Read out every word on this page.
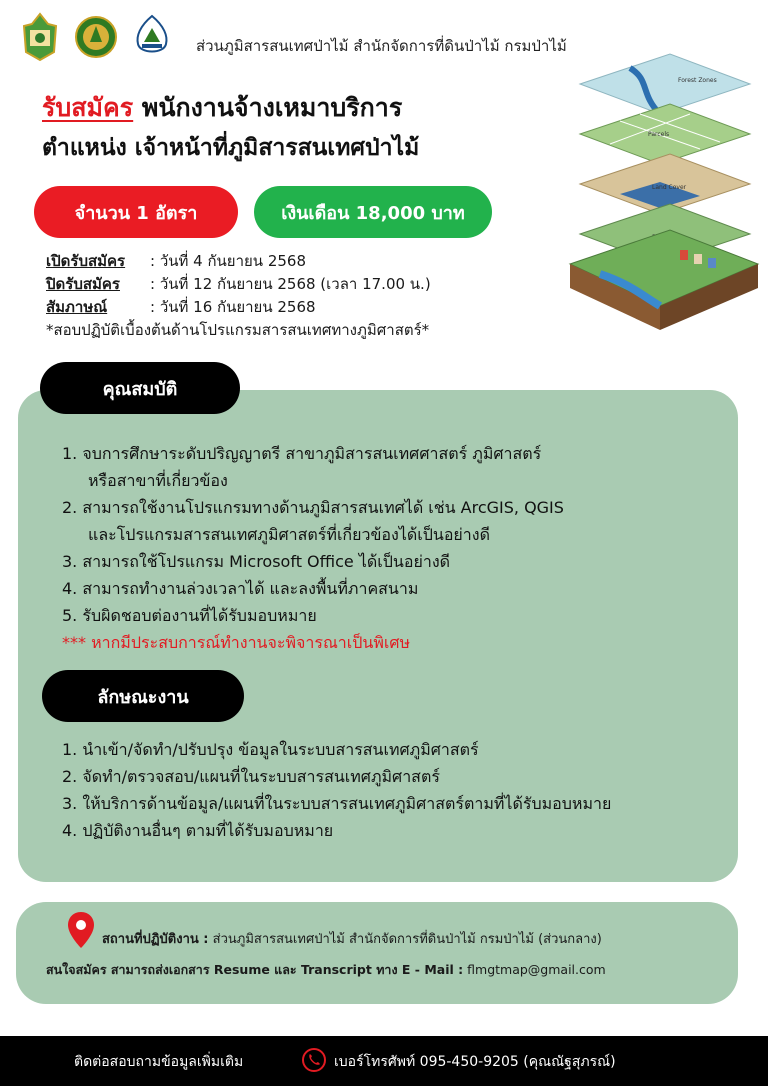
ส่วนภูมิสารสนเทศป่าไม้ สำนักจัดการที่ดินป่าไม้ กรมป่าไม้
รับสมัคร พนักงานจ้างเหมาบริการ
ตำแหน่ง เจ้าหน้าที่ภูมิสารสนเทศป่าไม้
Forest Zones
Parcels
Land Cover
จำนวน 1 อัตรา	เงินเดือน 18,000 บาท
เปิดรับสมัคร : วันที่ 4 กันยายน 2568
ปิดรับสมัคร : วันที่ 12 กันยายน 2568 (เวลา 17.00 น.)
สัมภาษณ์	: วันที่ 16 กันยายน 2568
*สอบปฏิบัติเบื้องต้นด้านโปรแกรมสารสนเทศทางภูมิศาสตร์*
คุณสมบัติ
1. จบการศึกษาระดับปริญญาตรี สาขาภูมิสารสนเทศศาสตร์ ภูมิศาสตร์
หรือสาขาที่เกี่ยวข้อง
2. สามารถใช้งานโปรแกรมทางด้านภูมิสารสนเทศได้ เช่น ArcGIS, QGIS
และโปรแกรมสารสนเทศภูมิศาสตร์ที่เกี่ยวข้องได้เป็นอย่างดี
3. สามารถใช้โปรแกรม Microsoft Office ได้เป็นอย่างดี
4. สามารถทำงานล่วงเวลาได้ และลงพื้นที่ภาคสนาม
5. รับผิดชอบต่องานที่ได้รับมอบหมาย
*** หากมีประสบการณ์ทำงานจะพิจารณาเป็นพิเศษ
ลักษณะงาน
1. นำเข้า/จัดทำ/ปรับปรุง ข้อมูลในระบบสารสนเทศภูมิศาสตร์
2. จัดทำ/ตรวจสอบ/แผนที่ในระบบสารสนเทศภูมิศาสตร์
3. ให้บริการด้านข้อมูล/แผนที่ในระบบสารสนเทศภูมิศาสตร์ตามที่ได้รับมอบหมาย
4. ปฏิบัติงานอื่นๆ ตามที่ได้รับมอบหมาย
สถานที่ปฏิบัติงาน : ส่วนภูมิสารสนเทศป่าไม้ สำนักจัดการที่ดินป่าไม้ กรมป่าไม้ (ส่วนกลาง)
สนใจสมัคร สามารถส่งเอกสาร Resume และ Transcript ทาง E - Mail : flmgtmap@gmail.com
ติดต่อสอบถามข้อมูลเพิ่มเติม	เบอร์โทรศัพท์ 095-450-9205 (คุณณัฐสุภรณ์)
